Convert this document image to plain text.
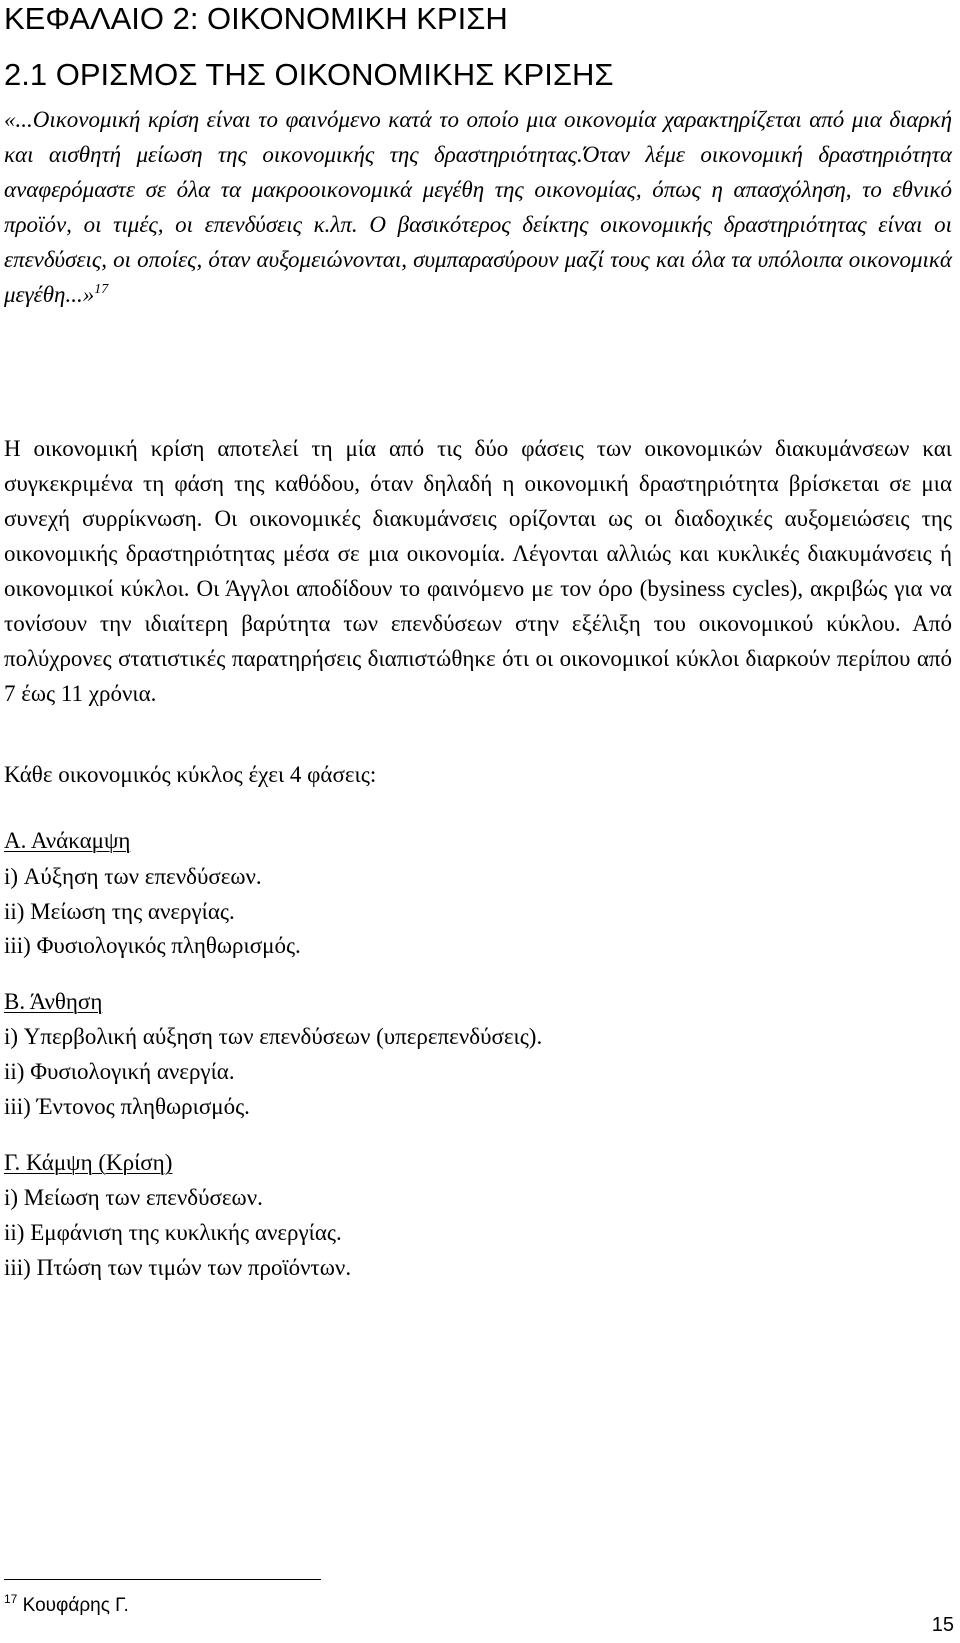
ΚΕΦΑΛΑΙΟ 2: ΟΙΚΟΝΟΜΙΚΗ ΚΡΙΣΗ
2.1 ΟΡΙΣΜΟΣ ΤΗΣ ΟΙΚΟΝΟΜΙΚΗΣ ΚΡΙΣΗΣ
«...Οικονομική κρίση είναι το φαινόμενο κατά το οποίο μια οικονομία χαρακτηρίζεται από μια διαρκή και αισθητή μείωση της οικονομικής της δραστηριότητας.Όταν λέμε οικονομική δραστηριότητα αναφερόμαστε σε όλα τα μακροοικονομικά μεγέθη της οικονομίας, όπως η απασχόληση, το εθνικό προϊόν, οι τιμές, οι επενδύσεις κ.λπ. Ο βασικότερος δείκτης οικονομικής δραστηριότητας είναι οι επενδύσεις, οι οποίες, όταν αυξομειώνονται, συμπαρασύρουν μαζί τους και όλα τα υπόλοιπα οικονομικά μεγέθη...»$^{17}$
Η οικονομική κρίση αποτελεί τη μία από τις δύο φάσεις των οικονομικών διακυμάνσεων και συγκεκριμένα τη φάση της καθόδου, όταν δηλαδή η οικονομική δραστηριότητα βρίσκεται σε μια συνεχή συρρίκνωση. Οι οικονομικές διακυμάνσεις ορίζονται ως οι διαδοχικές αυξομειώσεις της οικονομικής δραστηριότητας μέσα σε μια οικονομία. Λέγονται αλλιώς και κυκλικές διακυμάνσεις ή οικονομικοί κύκλοι. Οι Άγγλοι αποδίδουν το φαινόμενο με τον όρο (bysiness cycles), ακριβώς για να τονίσουν την ιδιαίτερη βαρύτητα των επενδύσεων στην εξέλιξη του οικονομικού κύκλου. Από πολύχρονες στατιστικές παρατηρήσεις διαπιστώθηκε ότι οι οικονομικοί κύκλοι διαρκούν περίπου από 7 έως 11 χρόνια.
Κάθε οικονομικός κύκλος έχει 4 φάσεις:
Α. Ανάκαμψη
i) Αύξηση των επενδύσεων.
ii) Μείωση της ανεργίας.
iii) Φυσιολογικός πληθωρισμός.
Β. Άνθηση
i) Υπερβολική αύξηση των επενδύσεων (υπερεπενδύσεις).
ii) Φυσιολογική ανεργία.
iii) Έντονος πληθωρισμός.
Γ. Κάμψη (Κρίση)
i) Μείωση των επενδύσεων.
ii) Εμφάνιση της κυκλικής ανεργίας.
iii) Πτώση των τιμών των προϊόντων.
$^{17}$ Κουφάρης Γ.
15
